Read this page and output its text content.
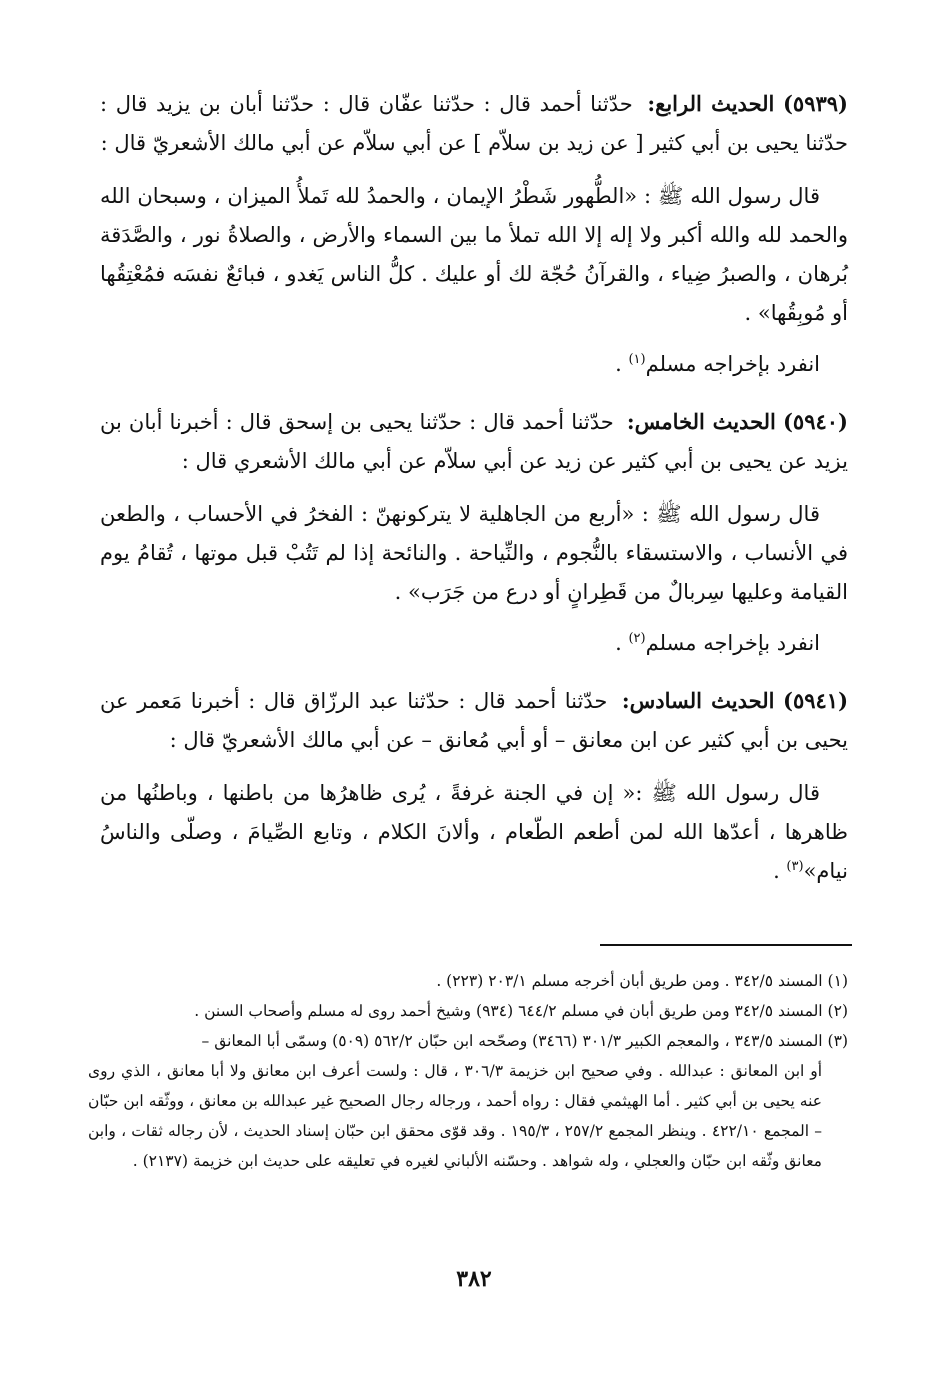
(٥٩٣٩) الحديث الرابع: حدّثنا أحمد قال : حدّثنا عفّان قال : حدّثنا أبان بن يزيد قال : حدّثنا يحيى بن أبي كثير [ عن زيد بن سلاّم ] عن أبي سلاّم عن أبي مالك الأشعريّ قال :

قال رسول الله ﷺ : «الطُّهور شَطْرُ الإيمان ، والحمدُ لله تَملأُ الميزان ، وسبحان الله والحمد لله والله أكبر ولا إله إلا الله تملأ ما بين السماء والأرض ، والصلاةُ نور ، والصَّدَقة بُرهان ، والصبرُ ضِياء ، والقرآنُ حُجّة لك أو عليك . كلُّ الناس يَغدو ، فبائعٌ نفسَه فمُعْتِقُها أو مُوبِقُها» .

انفرد بإخراجه مسلم$^{(١)}$ .

(٥٩٤٠) الحديث الخامس: حدّثنا أحمد قال : حدّثنا يحيى بن إسحق قال : أخبرنا أبان بن يزيد عن يحيى بن أبي كثير عن زيد عن أبي سلاّم عن أبي مالك الأشعري قال :

قال رسول الله ﷺ : «أربع من الجاهلية لا يتركونهنّ : الفخرُ في الأحساب ، والطعن في الأنساب ، والاستسقاء بالنُّجوم ، والنِّياحة . والنائحة إذا لم تَتُبْ قبل موتها ، تُقامُ يوم القيامة وعليها سِربالٌ من قَطِرانٍ أو درع من جَرَب» .

انفرد بإخراجه مسلم$^{(٢)}$ .

(٥٩٤١) الحديث السادس: حدّثنا أحمد قال : حدّثنا عبد الرزّاق قال : أخبرنا مَعمر عن يحيى بن أبي كثير عن ابن معانق – أو أبي مُعانق – عن أبي مالك الأشعريّ قال :

قال رسول الله ﷺ :« إن في الجنة غرفةً ، يُرى ظاهرُها من باطنها ، وباطنُها من ظاهرها ، أعدّها الله لمن أطعم الطّعام ، وألانَ الكلام ، وتابع الصِّيامَ ، وصلّى والناسُ نيام»$^{(٣)}$ .

(١) المسند ٣٤٢/٥ . ومن طريق أبان أخرجه مسلم ٢٠٣/١ (٢٢٣) .

(٢) المسند ٣٤٢/٥ ومن طريق أبان في مسلم ٦٤٤/٢ (٩٣٤) وشيخ أحمد روى له مسلم وأصحاب السنن .

(٣) المسند ٣٤٣/٥ ، والمعجم الكبير ٣٠١/٣ (٣٤٦٦) وصحّحه ابن حبّان ٥٦٢/٢ (٥٠٩) وسمّى أبا المعانق –

أو ابن المعانق : عبدالله . وفي صحيح ابن خزيمة ٣٠٦/٣ ، قال : ولست أعرف ابن معانق ولا أبا معانق ، الذي روى عنه يحيى بن أبي كثير . أما الهيثمي فقال : رواه أحمد ، ورجاله رجال الصحيح غير عبدالله بن معانق ، ووثّقه ابن حبّان – المجمع ٤٢٢/١٠ . وينظر المجمع ٢٥٧/٢ ، ١٩٥/٣ . وقد قوّى محقق ابن حبّان إسناد الحديث ، لأن رجاله ثقات ، وابن معانق وثّقه ابن حبّان والعجلي ، وله شواهد . وحسّنه الألباني لغيره في تعليقه على حديث ابن خزيمة (٢١٣٧) .

٣٨٢
